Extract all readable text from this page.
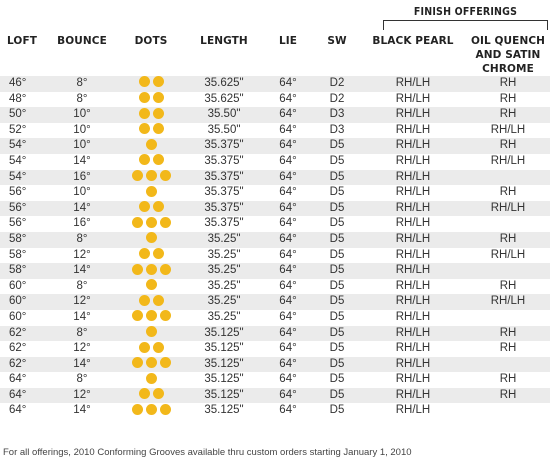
FINISH OFFERINGS
LOFT	BOUNCE	DOTS	LENGTH	LIE	SW	BLACK PEARL	OIL QUENCH AND SATIN CHROME
46°	8°		35.625"	64°	D2	RH/LH	RH
48°	8°		35.625"	64°	D2	RH/LH	RH
50°	10°		35.50"	64°	D3	RH/LH	RH
52°	10°		35.50"	64°	D3	RH/LH	RH/LH
54°	10°		35.375"	64°	D5	RH/LH	RH
54°	14°		35.375"	64°	D5	RH/LH	RH/LH
54°	16°		35.375"	64°	D5	RH/LH	
56°	10°		35.375"	64°	D5	RH/LH	RH
56°	14°		35.375"	64°	D5	RH/LH	RH/LH
56°	16°		35.375"	64°	D5	RH/LH	
58°	8°		35.25"	64°	D5	RH/LH	RH
58°	12°		35.25"	64°	D5	RH/LH	RH/LH
58°	14°		35.25"	64°	D5	RH/LH	
60°	8°		35.25"	64°	D5	RH/LH	RH
60°	12°		35.25"	64°	D5	RH/LH	RH/LH
60°	14°		35.25"	64°	D5	RH/LH	
62°	8°		35.125"	64°	D5	RH/LH	RH
62°	12°		35.125"	64°	D5	RH/LH	RH
62°	14°		35.125"	64°	D5	RH/LH	
64°	8°		35.125"	64°	D5	RH/LH	RH
64°	12°		35.125"	64°	D5	RH/LH	RH
64°	14°		35.125"	64°	D5	RH/LH	
For all offerings, 2010 Conforming Grooves available thru custom orders starting January 1, 2010
